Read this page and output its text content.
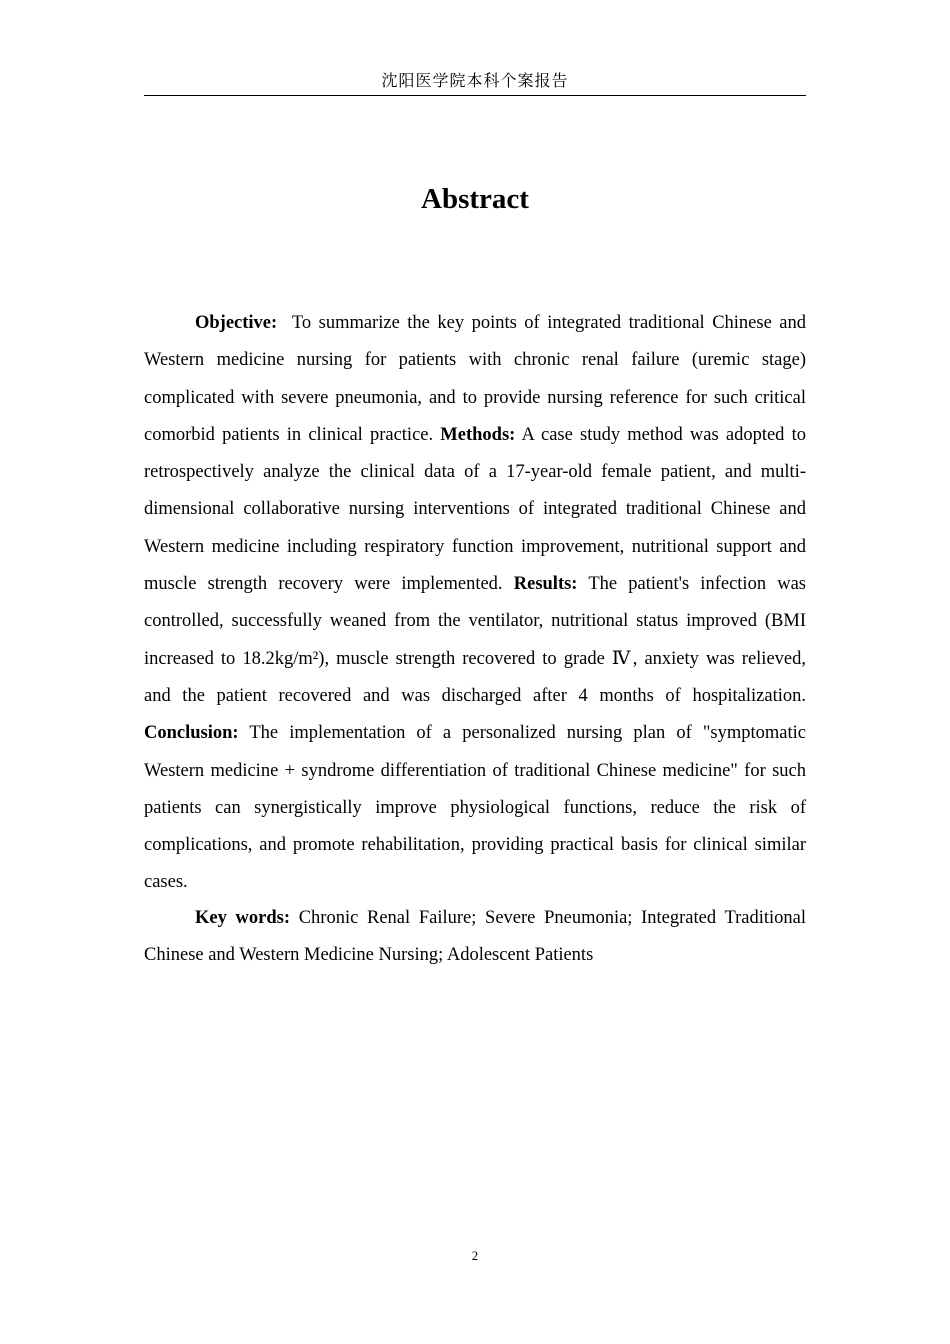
沈阳医学院本科个案报告
Abstract

Objective: To summarize the key points of integrated traditional Chinese and Western medicine nursing for patients with chronic renal failure (uremic stage) complicated with severe pneumonia, and to provide nursing reference for such critical comorbid patients in clinical practice. Methods: A case study method was adopted to retrospectively analyze the clinical data of a 17-year-old female patient, and multi-dimensional collaborative nursing interventions of integrated traditional Chinese and Western medicine including respiratory function improvement, nutritional support and muscle strength recovery were implemented. Results: The patient's infection was controlled, successfully weaned from the ventilator, nutritional status improved (BMI increased to 18.2kg/m²), muscle strength recovered to grade Ⅳ, anxiety was relieved, and the patient recovered and was discharged after 4 months of hospitalization. Conclusion: The implementation of a personalized nursing plan of "symptomatic Western medicine + syndrome differentiation of traditional Chinese medicine" for such patients can synergistically improve physiological functions, reduce the risk of complications, and promote rehabilitation, providing practical basis for clinical similar cases.

Key words: Chronic Renal Failure; Severe Pneumonia; Integrated Traditional Chinese and Western Medicine Nursing; Adolescent Patients

2
